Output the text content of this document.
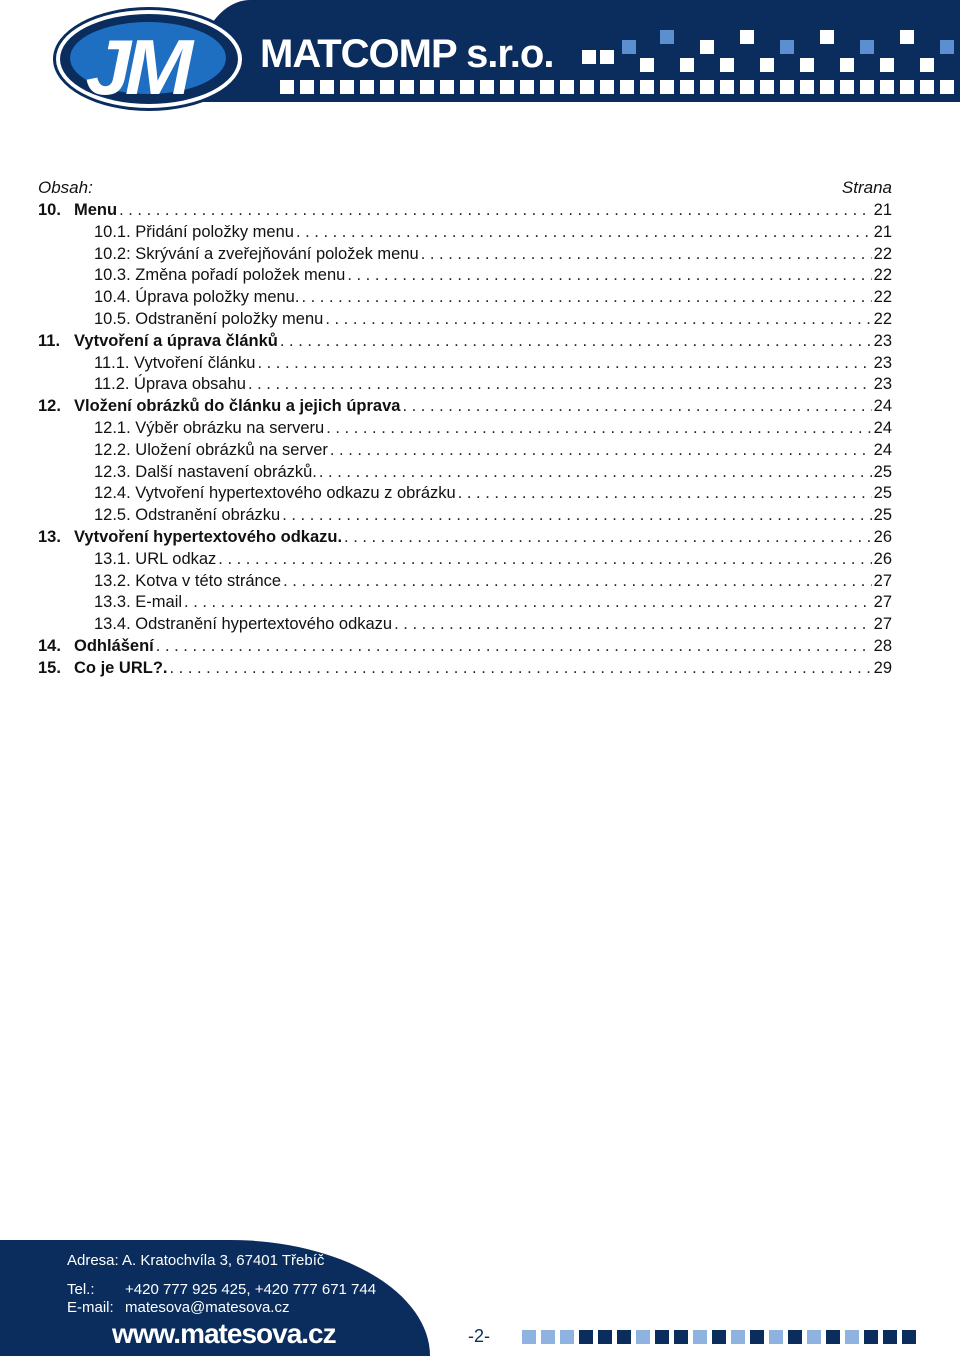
JM MATCOMP s.r.o.
Obsah:	Strana
10. Menu . . .	21
10.1. Přidání položky menu . . .	21
10.2: Skrývání a zveřejňování položek menu . . .	22
10.3. Změna pořadí položek menu . . .	22
10.4. Úprava položky menu. . . .	22
10.5. Odstranění položky menu . . .	22
11. Vytvoření a úprava článků . . .	23
11.1. Vytvoření článku . . .	23
11.2. Úprava obsahu . . .	23
12. Vložení obrázků do článku a jejich úprava . . .	24
12.1. Výběr obrázku na serveru . . .	24
12.2. Uložení obrázků na server . . .	24
12.3. Další nastavení obrázků. . . .	25
12.4. Vytvoření hypertextového odkazu z obrázku . . .	25
12.5. Odstranění obrázku . . .	25
13. Vytvoření hypertextového odkazu. . . .	26
13.1. URL odkaz . . .	26
13.2. Kotva v této stránce . . .	27
13.3. E-mail . . .	27
13.4. Odstranění hypertextového odkazu . . .	27
14. Odhlášení . . .	28
15. Co je URL?. . . .	29
Adresa: A. Kratochvíla 3, 67401 Třebíč
Tel.: +420 777 925 425, +420 777 671 744
E-mail: matesova@matesova.cz
www.matesova.cz	-2-
